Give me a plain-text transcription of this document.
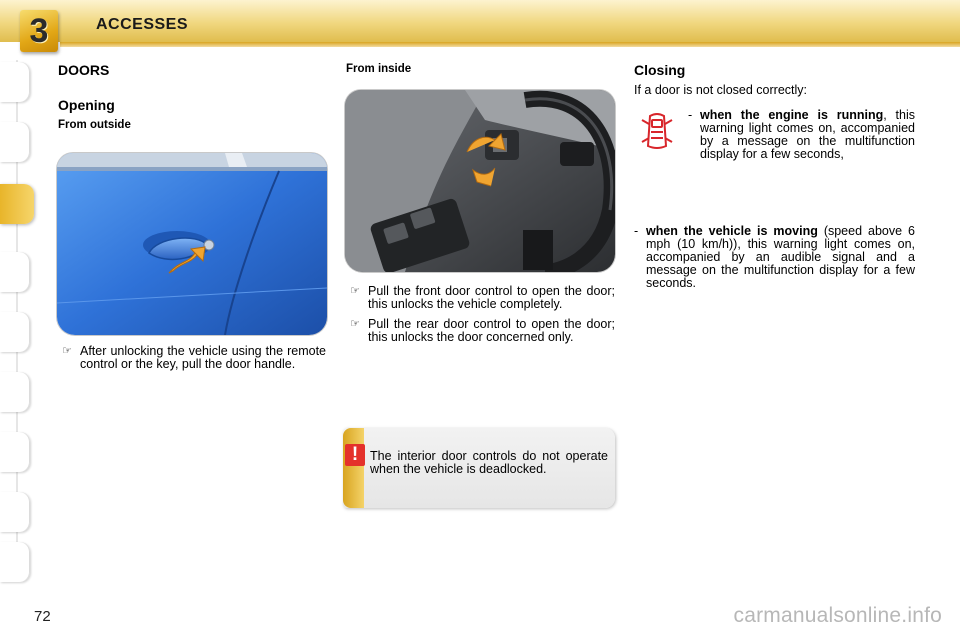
3	ACCESSES
DOORS
Opening
From outside
☞ After unlocking the vehicle using the remote control or the key, pull the door handle.
From inside
☞ Pull the front door control to open the door; this unlocks the vehicle completely.
☞ Pull the rear door control to open the door; this unlocks the door concerned only.
! The interior door controls do not operate when the vehicle is deadlocked.
Closing
If a door is not closed correctly:
- when the engine is running, this warning light comes on, accompanied by a message on the multifunction display for a few seconds,
- when the vehicle is moving (speed above 6 mph (10 km/h)), this warning light comes on, accompanied by an audible signal and a message on the multifunction display for a few seconds.
72	carmanualsonline.info
